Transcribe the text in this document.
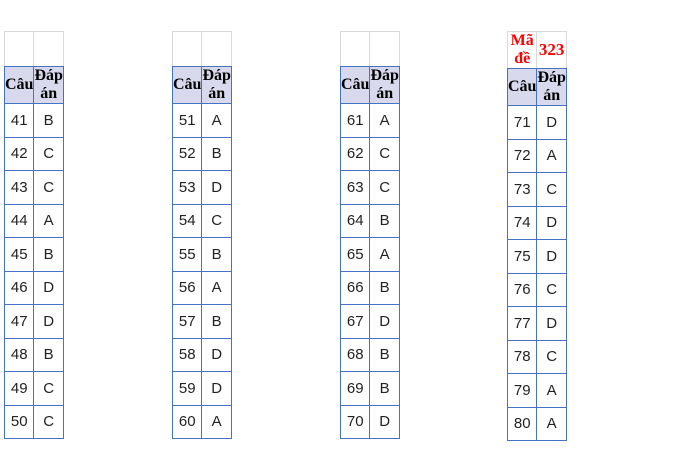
Câu	Đáp án
41	B
42	C
43	C
44	A
45	B
46	D
47	D
48	B
49	C
50	C

Câu	Đáp án
51	A
52	B
53	D
54	C
55	B
56	A
57	B
58	D
59	D
60	A

Câu	Đáp án
61	A
62	C
63	C
64	B
65	A
66	B
67	D
68	B
69	B
70	D
Mã đề	323
Câu	Đáp án
71	D
72	A
73	C
74	D
75	D
76	C
77	D
78	C
79	A
80	A
